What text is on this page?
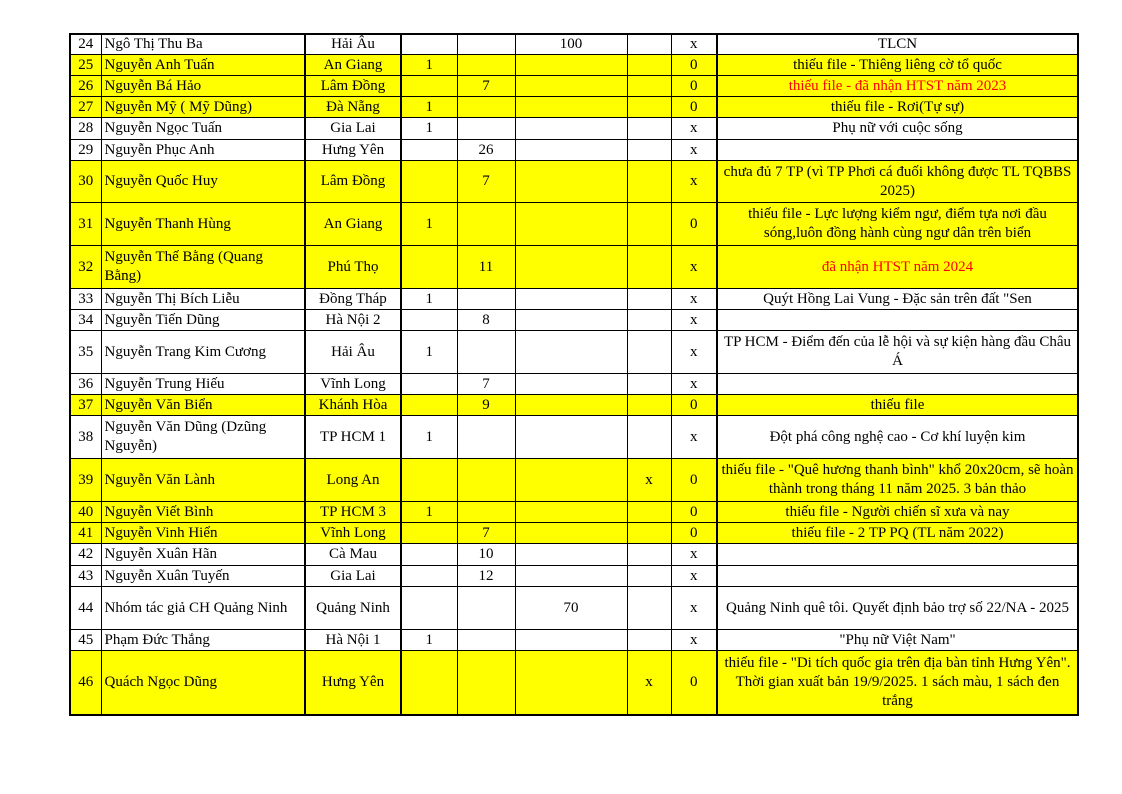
24	Ngô Thị Thu Ba	Hải Âu			100		x	TLCN
25	Nguyễn Anh Tuấn	An Giang	1				0	thiếu file - Thiêng liêng cờ tổ quốc
26	Nguyễn Bá Hảo	Lâm Đồng		7			0	thiếu file - đã nhận HTST năm 2023
27	Nguyễn Mỹ ( Mỹ Dũng)	Đà Nẵng	1				0	thiếu file - Rơi(Tự sự)
28	Nguyễn Ngọc Tuấn	Gia Lai	1				x	Phụ nữ với cuộc sống
29	Nguyễn Phục Anh	Hưng Yên		26			x	
30	Nguyễn Quốc Huy	Lâm Đồng		7			x	chưa đủ 7 TP (vì TP Phơi cá đuối không được TL TQBBS 2025)
31	Nguyễn Thanh Hùng	An Giang	1				0	thiếu file - Lực lượng kiểm ngư, điểm tựa nơi đầu sóng,luôn đồng hành cùng ngư dân trên biển
32	Nguyễn Thế Bằng (Quang Bằng)	Phú Thọ		11			x	đã nhận HTST năm 2024
33	Nguyễn Thị Bích Liễu	Đồng Tháp	1				x	Quýt Hồng Lai Vung - Đặc sản trên đất "Sen
34	Nguyễn Tiến Dũng	Hà Nội 2		8			x	
35	Nguyễn Trang Kim Cương	Hải Âu	1				x	TP HCM - Điểm đến của lễ hội và sự kiện hàng đầu Châu Á
36	Nguyễn Trung Hiếu	Vĩnh Long		7			x	
37	Nguyễn Văn Biển	Khánh Hòa		9			0	thiếu file
38	Nguyễn Văn Dũng (Dzũng Nguyễn)	TP HCM 1	1				x	Đột phá công nghệ cao - Cơ khí luyện kim
39	Nguyễn Văn Lành	Long An				x	0	thiếu file - "Quê hương thanh bình" khổ 20x20cm, sẽ hoàn thành trong tháng 11 năm 2025. 3 bản thảo
40	Nguyễn Viết Bình	TP HCM 3	1				0	thiếu file - Người chiến sĩ xưa và nay
41	Nguyễn Vinh Hiển	Vĩnh Long		7			0	thiếu file - 2 TP PQ (TL năm 2022)
42	Nguyễn Xuân Hãn	Cà Mau		10			x	
43	Nguyễn Xuân Tuyến	Gia Lai		12			x	
44	Nhóm tác giả CH Quảng Ninh	Quảng Ninh			70		x	Quảng Ninh quê tôi. Quyết định bảo trợ số 22/NA - 2025
45	Phạm Đức Thắng	Hà Nội 1	1				x	"Phụ nữ Việt Nam"
46	Quách Ngọc Dũng	Hưng Yên				x	0	thiếu file - "Di tích quốc gia trên địa bàn tỉnh Hưng Yên". Thời gian xuất bản 19/9/2025. 1 sách màu, 1 sách đen trắng
